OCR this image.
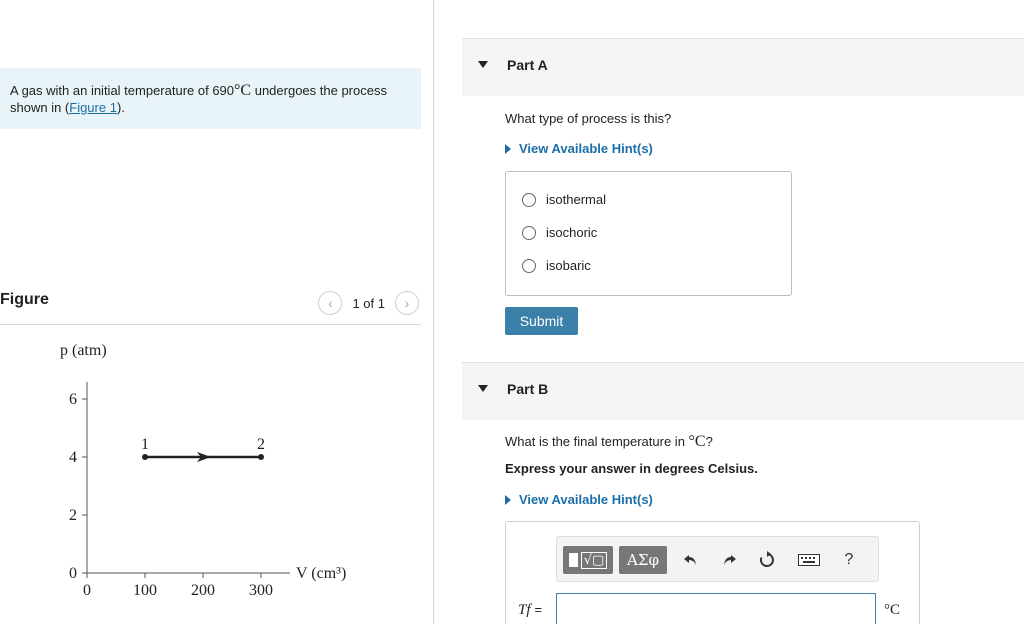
A gas with an initial temperature of 690°C undergoes the process shown in (Figure 1).
Figure	‹	1 of 1	›
0
2
4
6
0	100 200 300
p (atm)
V (cm³)
1	2
Part A
What type of process is this?
View Available Hint(s)
isothermal
isochoric
isobaric
Submit
Part B
What is the final temperature in °C?
Express your answer in degrees Celsius.
View Available Hint(s)
√▢	ΑΣφ	?
Tf =	°C
